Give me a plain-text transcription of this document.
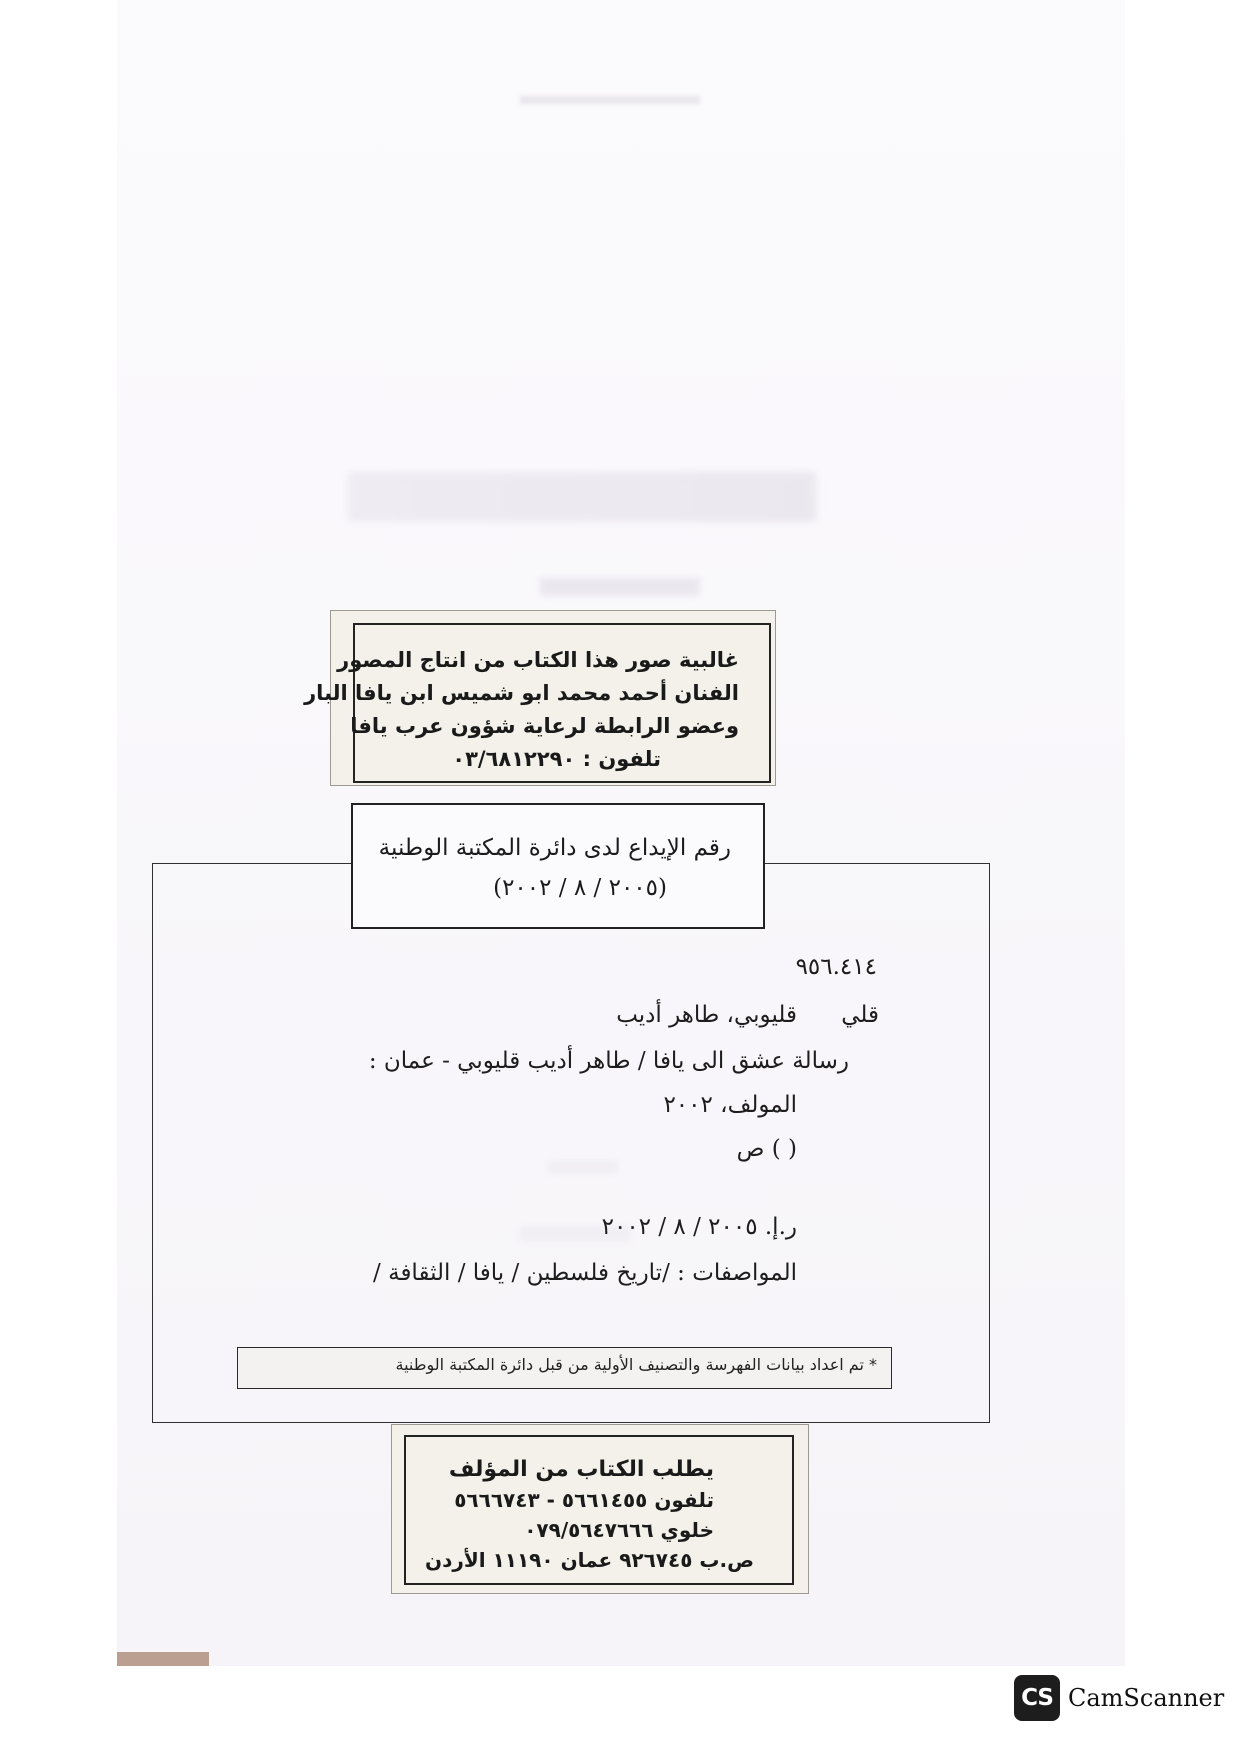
غالبية صور هذا الكتاب من انتاج المصور
الفنان أحمد محمد ابو شميس ابن يافا البار
وعضو الرابطة لرعاية شؤون عرب يافا
تلفون : ٠٣/٦٨١٢٢٩٠
٩٥٦.٤١٤
قلي
قليوبي، طاهر أديب
رسالة عشق الى يافا / طاهر أديب قليوبي - عمان :
المولف، ٢٠٠٢
( ) ص
ر.إ. ٢٠٠٥ / ٨ / ٢٠٠٢
المواصفات : /تاريخ فلسطين / يافا / الثقافة /
رقم الإيداع لدى دائرة المكتبة الوطنية
(٢٠٠٥ / ٨ / ٢٠٠٢)
* تم اعداد بيانات الفهرسة والتصنيف الأولية من قبل دائرة المكتبة الوطنية
يطلب الكتاب من المؤلف
تلفون ٥٦٦١٤٥٥ - ٥٦٦٦٧٤٣
خلوي ٠٧٩/٥٦٤٧٦٦٦
ص.ب ٩٢٦٧٤٥ عمان ١١١٩٠ الأردن
CS CamScanner
